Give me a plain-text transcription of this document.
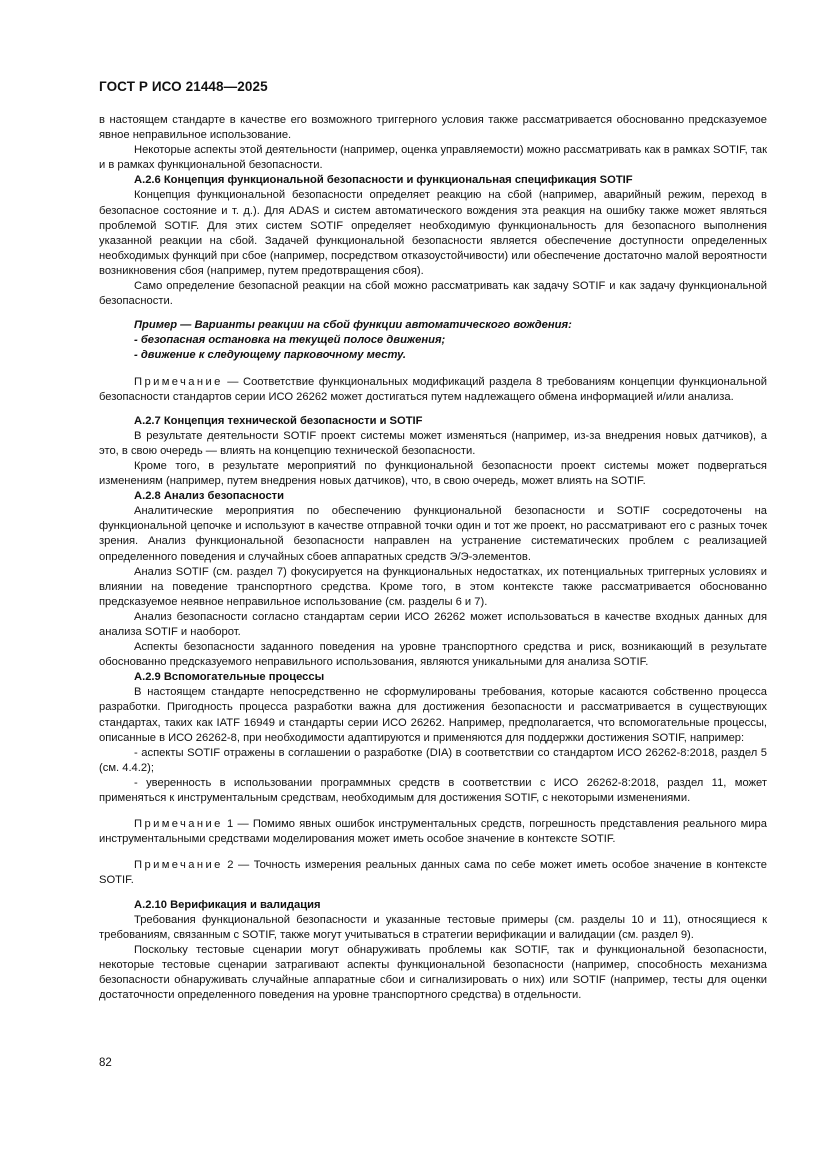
ГОСТ Р ИСО 21448—2025

в настоящем стандарте в качестве его возможного триггерного условия также рассматривается обоснованно предсказуемое явное неправильное использование.

Некоторые аспекты этой деятельности (например, оценка управляемости) можно рассматривать как в рамках SOTIF, так и в рамках функциональной безопасности.

А.2.6 Концепция функциональной безопасности и функциональная спецификация SOTIF

Концепция функциональной безопасности определяет реакцию на сбой (например, аварийный режим, переход в безопасное состояние и т. д.). Для ADAS и систем автоматического вождения эта реакция на ошибку также может являться проблемой SOTIF. Для этих систем SOTIF определяет необходимую функциональность для безопасного выполнения указанной реакции на сбой. Задачей функциональной безопасности является обеспечение доступности определенных необходимых функций при сбое (например, посредством отказоустойчивости) или обеспечение достаточно малой вероятности возникновения сбоя (например, путем предотвращения сбоя).

Само определение безопасной реакции на сбой можно рассматривать как задачу SOTIF и как задачу функциональной безопасности.

Пример — Варианты реакции на сбой функции автоматического вождения:

- безопасная остановка на текущей полосе движения;

- движение к следующему парковочному месту.

Примечание — Соответствие функциональных модификаций раздела 8 требованиям концепции функциональной безопасности стандартов серии ИСО 26262 может достигаться путем надлежащего обмена информацией и/или анализа.

А.2.7 Концепция технической безопасности и SOTIF

В результате деятельности SOTIF проект системы может изменяться (например, из-за внедрения новых датчиков), а это, в свою очередь — влиять на концепцию технической безопасности.

Кроме того, в результате мероприятий по функциональной безопасности проект системы может подвергаться изменениям (например, путем внедрения новых датчиков), что, в свою очередь, может влиять на SOTIF.

А.2.8 Анализ безопасности

Аналитические мероприятия по обеспечению функциональной безопасности и SOTIF сосредоточены на функциональной цепочке и используют в качестве отправной точки один и тот же проект, но рассматривают его с разных точек зрения. Анализ функциональной безопасности направлен на устранение систематических проблем с реализацией определенного поведения и случайных сбоев аппаратных средств Э/Э-элементов.

Анализ SOTIF (см. раздел 7) фокусируется на функциональных недостатках, их потенциальных триггерных условиях и влиянии на поведение транспортного средства. Кроме того, в этом контексте также рассматривается обоснованно предсказуемое неявное неправильное использование (см. разделы 6 и 7).

Анализ безопасности согласно стандартам серии ИСО 26262 может использоваться в качестве входных данных для анализа SOTIF и наоборот.

Аспекты безопасности заданного поведения на уровне транспортного средства и риск, возникающий в результате обоснованно предсказуемого неправильного использования, являются уникальными для анализа SOTIF.

А.2.9 Вспомогательные процессы

В настоящем стандарте непосредственно не сформулированы требования, которые касаются собственно процесса разработки. Пригодность процесса разработки важна для достижения безопасности и рассматривается в существующих стандартах, таких как IATF 16949 и стандарты серии ИСО 26262. Например, предполагается, что вспомогательные процессы, описанные в ИСО 26262-8, при необходимости адаптируются и применяются для поддержки достижения SOTIF, например:

- аспекты SOTIF отражены в соглашении о разработке (DIA) в соответствии со стандартом ИСО 26262-8:2018, раздел 5 (см. 4.4.2);

- уверенность в использовании программных средств в соответствии с ИСО 26262-8:2018, раздел 11, может применяться к инструментальным средствам, необходимым для достижения SOTIF, с некоторыми изменениями.

Примечание 1 — Помимо явных ошибок инструментальных средств, погрешность представления реального мира инструментальными средствами моделирования может иметь особое значение в контексте SOTIF.

Примечание 2 — Точность измерения реальных данных сама по себе может иметь особое значение в контексте SOTIF.

А.2.10 Верификация и валидация

Требования функциональной безопасности и указанные тестовые примеры (см. разделы 10 и 11), относящиеся к требованиям, связанным с SOTIF, также могут учитываться в стратегии верификации и валидации (см. раздел 9).

Поскольку тестовые сценарии могут обнаруживать проблемы как SOTIF, так и функциональной безопасности, некоторые тестовые сценарии затрагивают аспекты функциональной безопасности (например, способность механизма безопасности обнаруживать случайные аппаратные сбои и сигнализировать о них) или SOTIF (например, тесты для оценки достаточности определенного поведения на уровне транспортного средства) в отдельности.

82
